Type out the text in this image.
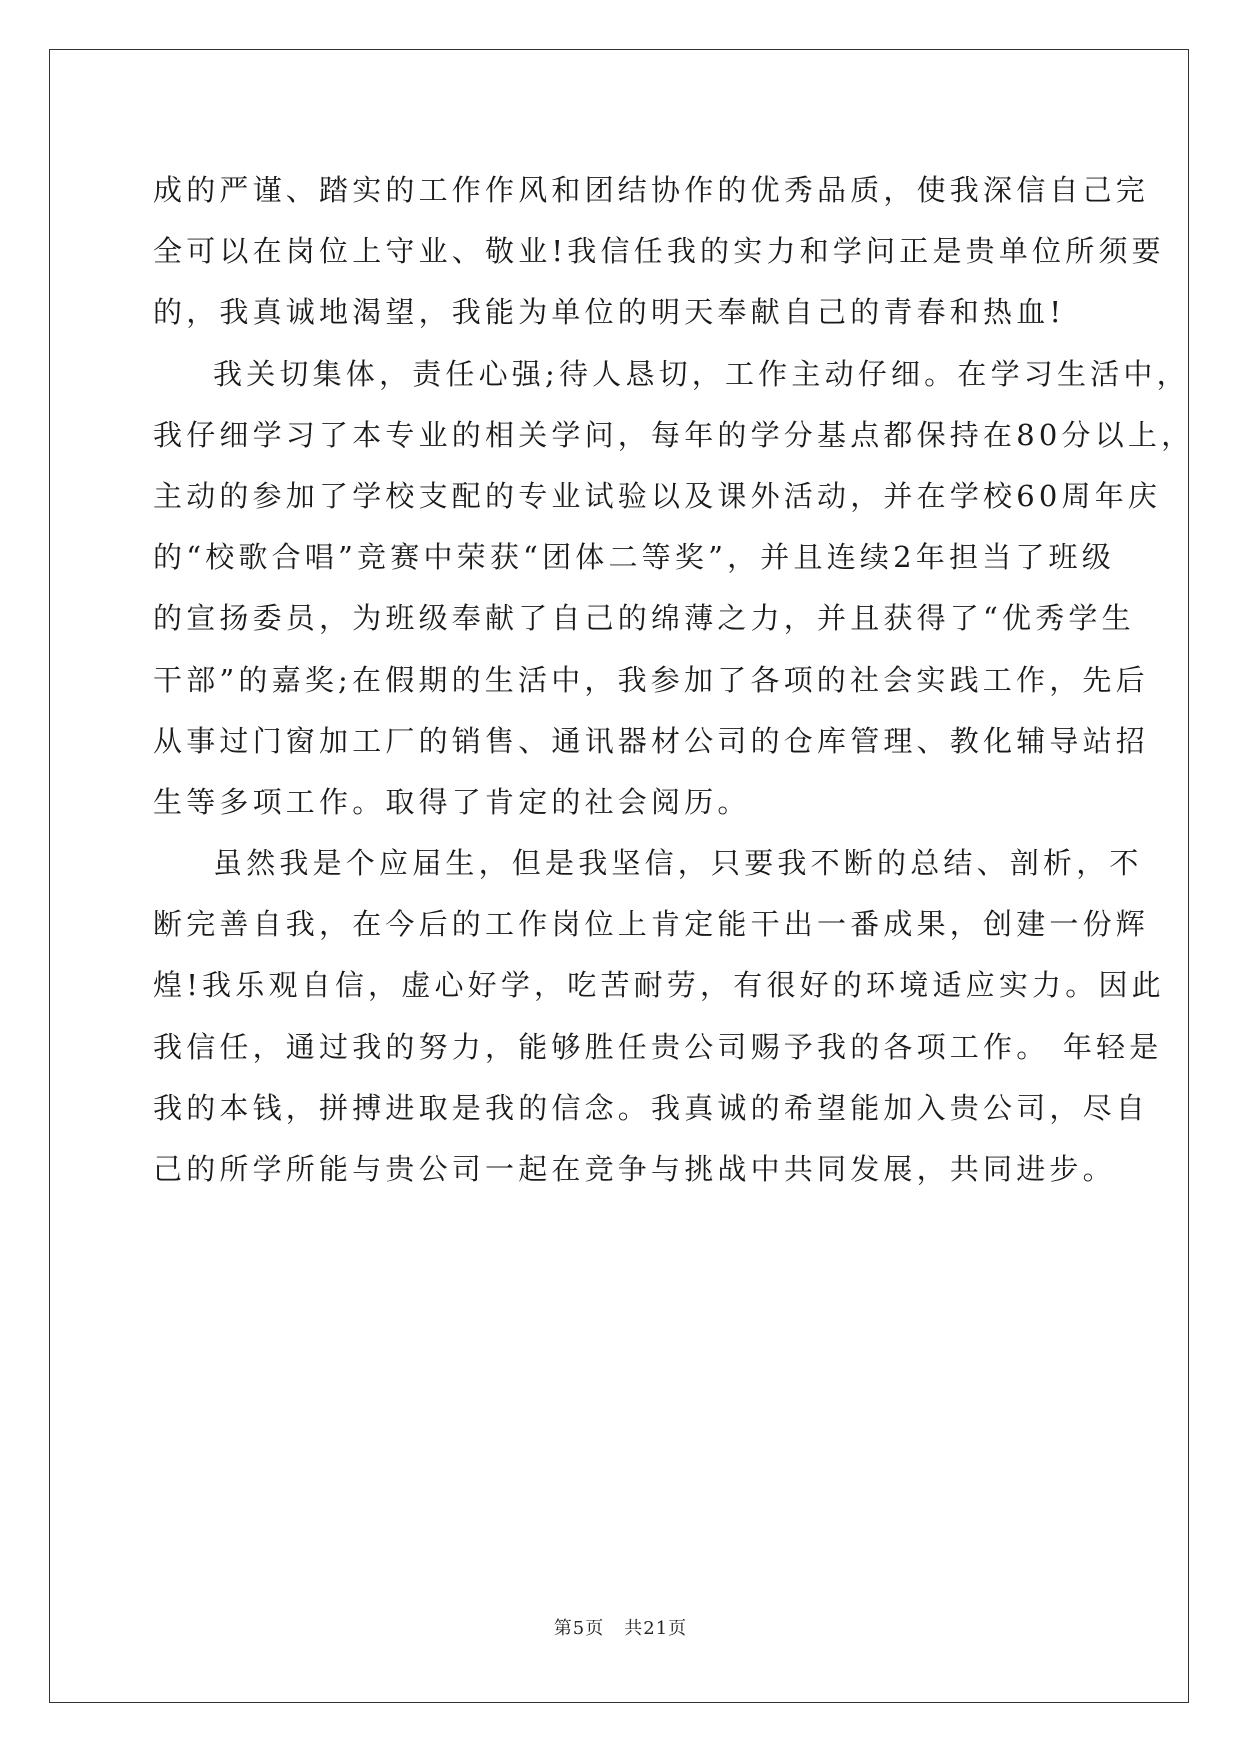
成的严谨、踏实的工作作风和团结协作的优秀品质，使我深信自己完
全可以在岗位上守业、敬业!我信任我的实力和学问正是贵单位所须要
的，我真诚地渴望，我能为单位的明天奉献自己的青春和热血!
我关切集体，责任心强;待人恳切，工作主动仔细。在学习生活中，
我仔细学习了本专业的相关学问，每年的学分基点都保持在80分以上，
主动的参加了学校支配的专业试验以及课外活动，并在学校60周年庆
的“校歌合唱”竞赛中荣获“团体二等奖”，并且连续2年担当了班级
的宣扬委员，为班级奉献了自己的绵薄之力，并且获得了“优秀学生
干部”的嘉奖;在假期的生活中，我参加了各项的社会实践工作，先后
从事过门窗加工厂的销售、通讯器材公司的仓库管理、教化辅导站招
生等多项工作。取得了肯定的社会阅历。
虽然我是个应届生，但是我坚信，只要我不断的总结、剖析，不
断完善自我，在今后的工作岗位上肯定能干出一番成果，创建一份辉
煌!我乐观自信，虚心好学，吃苦耐劳，有很好的环境适应实力。因此
我信任，通过我的努力，能够胜任贵公司赐予我的各项工作。 年轻是
我的本钱，拼搏进取是我的信念。我真诚的希望能加入贵公司，尽自
己的所学所能与贵公司一起在竞争与挑战中共同发展，共同进步。
第5页 共21页
